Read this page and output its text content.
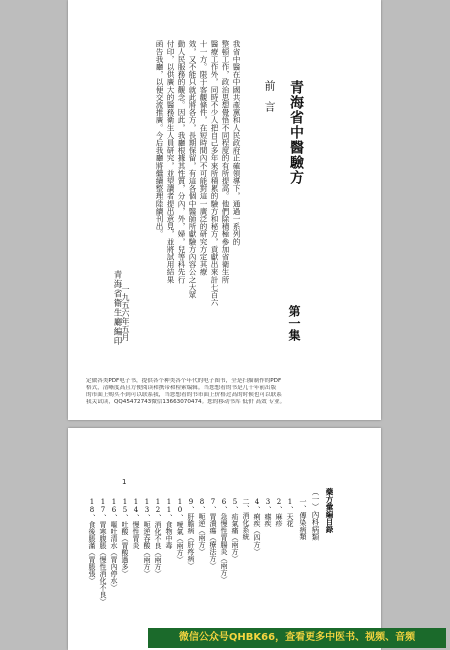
青海省中醫驗方
第一集
前言
我省中醫在中國共產黨和人民政府正確領導下，通過一系列的
整頓工作，政治思想覺悟不同程度的有所提高。他們除積極參加省衛生所
醫療工作外，同時不少人把自己多年來所積累的驗方和秘方，貢獻出來計七百六
十一方。限于客觀條件，在短時間內不可能對這一廣泛的研究方定其療
效，又不能只就此將各方，長期保留，有這各個中醫師所獻驗方內容公之大眾
動人民服務的觀念。因此，我廳根據其性質，分內，外，婦，兒等科先行
付印，以供廣大的醫務衛生人員研究，並望讀者提出意見，並將試用結果
函告我廳，以便交流推廣。今后我廳將繼續整理陸續刊出。
青海省衛生廳編印 一九五六年五月
定做各类PDF电子书，提供各个种类各个年代的电子图书，全是扫描制作的PDF
格式，清晰度高且方便阅读和携带和检索编辑。当您想看的书是几十年前出版
的市面上购买不到可以联系我，当您想看的书市面上价格过高的时候也可以联系
我关试读，QQ45472743微信13663070474。您的移动书库 低价 高效 专业。
1
藥方彙編目錄
（一）內科病類
一、傳染病類
1、天花
2、麻疹
3、瘧疾
4、痢疾（四方）
二、消化系統
5、疝氣痛（兩方）
6、急慢性胃腸炎（兩方）
7、胃潰瘍（療法方）
8、呃逆（兩方）
9、肝膽病（肝疼病）
10、噯氣（兩方）
11、食物中毒
12、消化不良（兩方）
13、呃逆吞酸（兩方）
14、慢性胃炎
15、吐酸（胃酸過多）
16、嘔吐清水（胃內停水）
17、胃寒腹脹（慢性消化不良）
18、食後脹滿（胃脹張）
微信公众号QHBK66，查看更多中医书、视频、音频
